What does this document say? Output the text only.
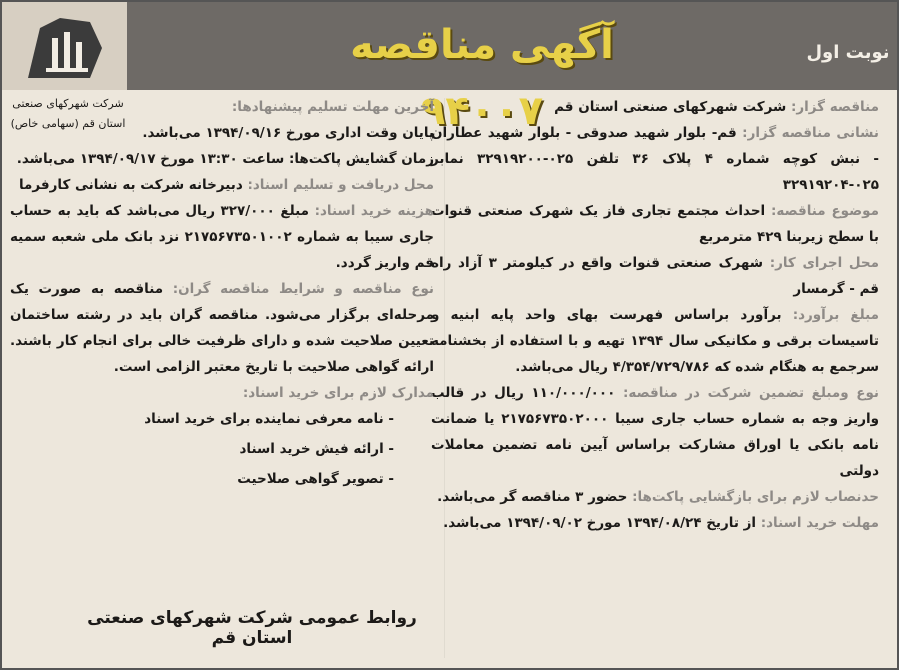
آگهی مناقصه ۹۴۰۰۷
نوبت اول
شرکت شهرکهای صنعتی
استان قم (سهامی خاص)

مناقصه گزار: شرکت شهرکهای صنعتی استان قم

نشانی مناقصه گزار: قم- بلوار شهید صدوقی - بلوار شهید عطاران - نبش کوچه شماره ۴ پلاک ۳۶ تلفن ۰۲۵-۳۲۹۱۹۲۰۰ نمابر ۰۲۵-۳۲۹۱۹۲۰۴

موضوع مناقصه: احداث مجتمع تجاری فاز یک شهرک صنعتی قنوات با سطح زیربنا ۴۲۹ مترمربع

محل اجرای کار: شهرک صنعتی قنوات واقع در کیلومتر ۳ آزاد راه قم - گرمسار

مبلغ برآورد: برآورد براساس فهرست بهای واحد پایه ابنیه و تاسیسات برقی و مکانیکی سال ۱۳۹۴ تهیه و با استفاده از بخشنامه سرجمع به هنگام شده که ۴/۳۵۴/۷۲۹/۷۸۶ ریال می‌باشد.

نوع ومبلغ تضمین شرکت در مناقصه: ۱۱۰/۰۰۰/۰۰۰ ریال در قالب واریز وجه به شماره حساب جاری سیبا ۲۱۷۵۶۷۳۵۰۲۰۰۰ یا ضمانت نامه بانکی یا اوراق مشارکت براساس آیین نامه تضمین معاملات دولتی

حدنصاب لازم برای بازگشایی پاکت‌ها: حضور ۳ مناقصه گر می‌باشد.

مهلت خرید اسناد: از تاریخ ۱۳۹۴/۰۸/۲۴ مورخ ۱۳۹۴/۰۹/۰۲ می‌باشد.

آخرین مهلت تسلیم پیشنهادها:

پایان وقت اداری مورخ ۱۳۹۴/۰۹/۱۶ می‌باشد.

زمان گشایش پاکت‌ها: ساعت ۱۳:۳۰ مورخ ۱۳۹۴/۰۹/۱۷ می‌باشد.

محل دریافت و تسلیم اسناد: دبیرخانه شرکت به نشانی کارفرما

هزینه خرید اسناد: مبلغ ۳۲۷/۰۰۰ ریال می‌باشد که باید به حساب جاری سیبا به شماره ۲۱۷۵۶۷۳۵۰۱۰۰۲ نزد بانک ملی شعبه سمیه قم واریز گردد.

نوع مناقصه و شرایط مناقصه گران: مناقصه به صورت یک مرحله‌ای برگزار می‌شود. مناقصه گران باید در رشته ساختمان تعیین صلاحیت شده و دارای ظرفیت خالی برای انجام کار باشند. ارائه گواهی صلاحیت با تاریخ معتبر الزامی است.

مدارک لازم برای خرید اسناد:

- نامه معرفی نماینده برای خرید اسناد

- ارائه فیش خرید اسناد

- تصویر گواهی صلاحیت

روابط عمومی شرکت شهرکهای صنعتی استان قم
